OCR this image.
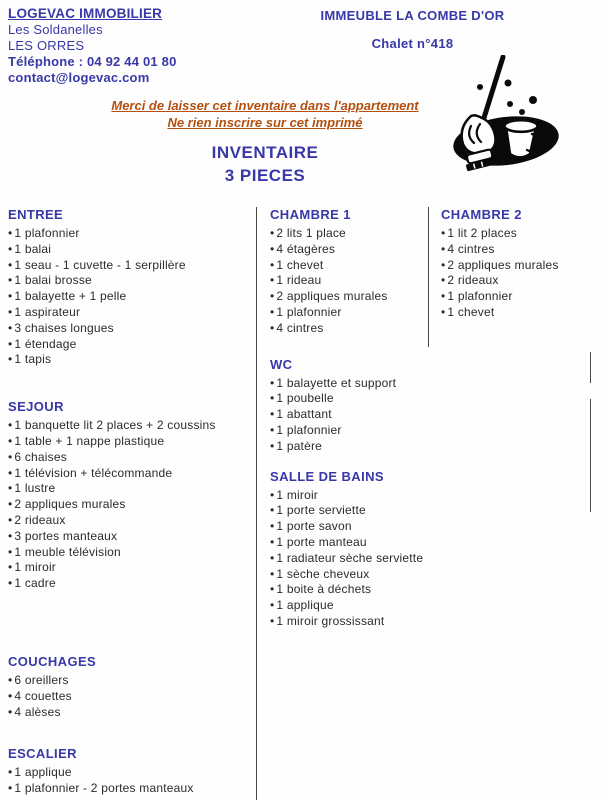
LOGEVAC IMMOBILIER
Les Soldanelles
LES ORRES
Téléphone : 04 92 44 01 80
contact@logevac.com
IMMEUBLE LA COMBE D'OR
Chalet n°418
Merci de laisser cet inventaire dans l'appartement
Ne rien inscrire sur cet imprimé
INVENTAIRE
3 PIECES
ENTREE
• 1 plafonnier
• 1 balai
• 1 seau - 1 cuvette - 1 serpillère
• 1 balai brosse
• 1 balayette + 1 pelle
• 1 aspirateur
• 3 chaises longues
• 1 étendage
• 1 tapis
SEJOUR
• 1 banquette lit 2 places + 2 coussins
• 1 table + 1 nappe plastique
• 6 chaises
• 1 télévision + télécommande
• 1 lustre
• 2 appliques murales
• 2 rideaux
• 3 portes manteaux
• 1 meuble télévision
• 1 miroir
• 1 cadre
COUCHAGES
• 6 oreillers
• 4 couettes
• 4 alèses
ESCALIER
• 1 applique
• 1 plafonnier - 2 portes manteaux
CHAMBRE 1
• 2 lits 1 place
• 4 étagères
• 1 chevet
• 1 rideau
• 2 appliques murales
• 1 plafonnier
• 4 cintres
WC
• 1 balayette et support
• 1 poubelle
• 1 abattant
• 1 plafonnier
• 1 patère
SALLE DE BAINS
• 1 miroir
• 1 porte serviette
• 1 porte savon
• 1 porte manteau
• 1 radiateur sèche serviette
• 1 sèche cheveux
• 1 boite à déchets
• 1 applique
• 1 miroir grossissant
CHAMBRE 2
• 1 lit 2 places
• 4 cintres
• 2 appliques murales
• 2 rideaux
• 1 plafonnier
• 1 chevet
